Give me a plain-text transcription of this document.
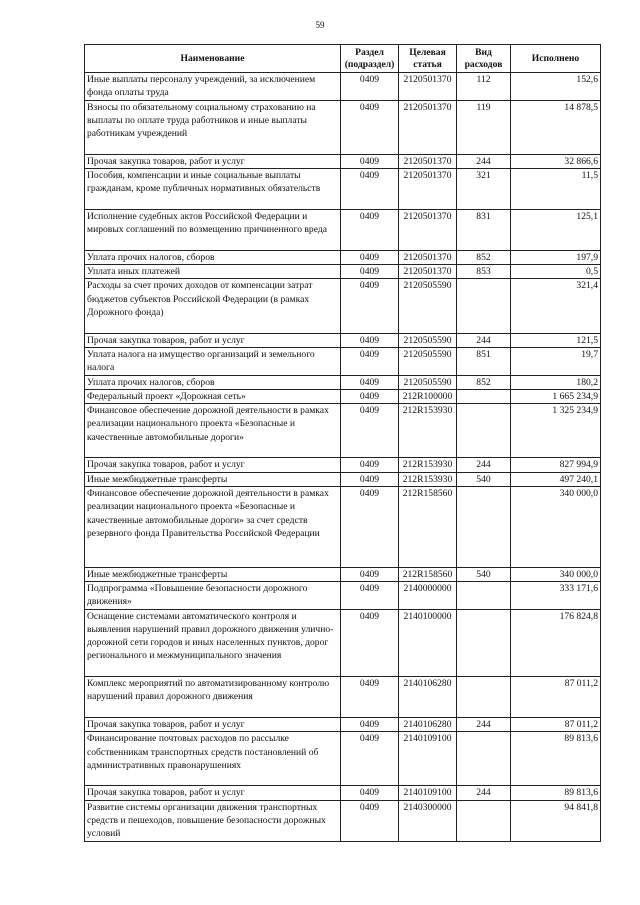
59
Наименование	Раздел (подраздел)	Целевая статья	Вид расходов	Исполнено
Иные выплаты персоналу учреждений, за исключением фонда оплаты труда	0409	2120501370	112	152,6
Взносы по обязательному социальному страхованию на выплаты по оплате труда работников и иные выплаты работникам учреждений	0409	2120501370	119	14 878,5
Прочая закупка товаров, работ и услуг	0409	2120501370	244	32 866,6
Пособия, компенсации и иные социальные выплаты гражданам, кроме публичных нормативных обязательств	0409	2120501370	321	11,5
Исполнение судебных актов Российской Федерации и мировых соглашений по возмещению причиненного вреда	0409	2120501370	831	125,1
Уплата прочих налогов, сборов	0409	2120501370	852	197,9
Уплата иных платежей	0409	2120501370	853	0,5
Расходы за счет прочих доходов от компенсации затрат бюджетов субъектов Российской Федерации (в рамках Дорожного фонда)	0409	2120505590		321,4
Прочая закупка товаров, работ и услуг	0409	2120505590	244	121,5
Уплата налога на имущество организаций и земельного налога	0409	2120505590	851	19,7
Уплата прочих налогов, сборов	0409	2120505590	852	180,2
Федеральный проект «Дорожная сеть»	0409	212R100000		1 665 234,9
Финансовое обеспечение дорожной деятельности в рамках реализации национального проекта «Безопасные и качественные автомобильные дороги»	0409	212R153930		1 325 234,9
Прочая закупка товаров, работ и услуг	0409	212R153930	244	827 994,9
Иные межбюджетные трансферты	0409	212R153930	540	497 240,1
Финансовое обеспечение дорожной деятельности в рамках реализации национального проекта «Безопасные и качественные автомобильные дороги» за счет средств резервного фонда Правительства Российской Федерации	0409	212R158560		340 000,0
Иные межбюджетные трансферты	0409	212R158560	540	340 000,0
Подпрограмма «Повышение безопасности дорожного движения»	0409	2140000000		333 171,6
Оснащение системами автоматического контроля и выявления нарушений правил дорожного движения улично-дорожной сети городов и иных населенных пунктов, дорог регионального и межмуниципального значения	0409	2140100000		176 824,8
Комплекс мероприятий по автоматизированному контролю нарушений правил дорожного движения	0409	2140106280		87 011,2
Прочая закупка товаров, работ и услуг	0409	2140106280	244	87 011,2
Финансирование почтовых расходов по рассылке собственникам транспортных средств постановлений об административных правонарушениях	0409	2140109100		89 813,6
Прочая закупка товаров, работ и услуг	0409	2140109100	244	89 813,6
Развитие системы организации движения транспортных средств и пешеходов, повышение безопасности дорожных условий	0409	2140300000		94 841,8
